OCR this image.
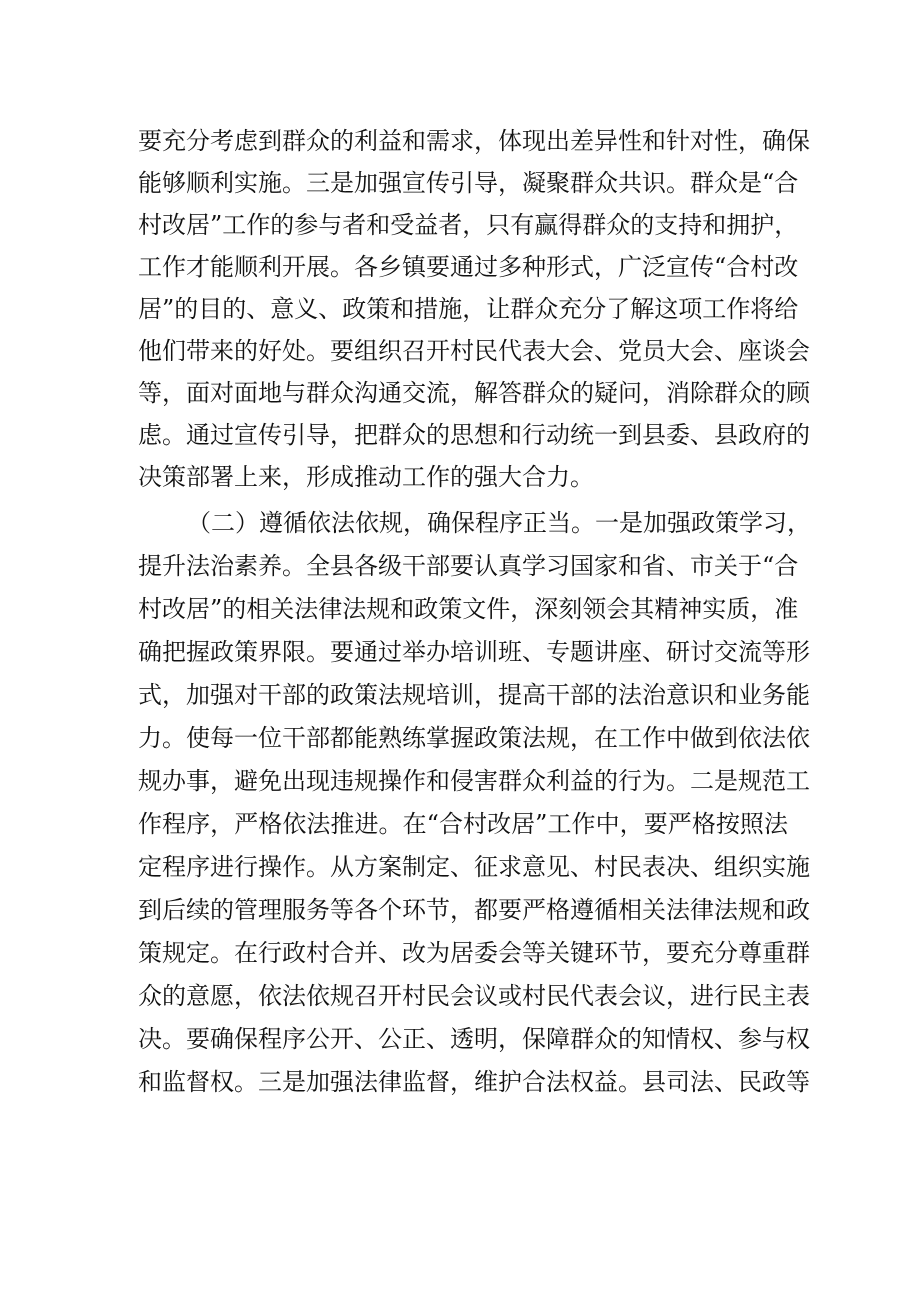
要充分考虑到群众的利益和需求，体现出差异性和针对性，确保
能够顺利实施。三是加强宣传引导，凝聚群众共识。群众是“合
村改居”工作的参与者和受益者，只有赢得群众的支持和拥护，
工作才能顺利开展。各乡镇要通过多种形式，广泛宣传“合村改
居”的目的、意义、政策和措施，让群众充分了解这项工作将给
他们带来的好处。要组织召开村民代表大会、党员大会、座谈会
等，面对面地与群众沟通交流，解答群众的疑问，消除群众的顾
虑。通过宣传引导，把群众的思想和行动统一到县委、县政府的
决策部署上来，形成推动工作的强大合力。
（二）遵循依法依规，确保程序正当。一是加强政策学习，
提升法治素养。全县各级干部要认真学习国家和省、市关于“合
村改居”的相关法律法规和政策文件，深刻领会其精神实质，准
确把握政策界限。要通过举办培训班、专题讲座、研讨交流等形
式，加强对干部的政策法规培训，提高干部的法治意识和业务能
力。使每一位干部都能熟练掌握政策法规，在工作中做到依法依
规办事，避免出现违规操作和侵害群众利益的行为。二是规范工
作程序，严格依法推进。在“合村改居”工作中，要严格按照法
定程序进行操作。从方案制定、征求意见、村民表决、组织实施
到后续的管理服务等各个环节，都要严格遵循相关法律法规和政
策规定。在行政村合并、改为居委会等关键环节，要充分尊重群
众的意愿，依法依规召开村民会议或村民代表会议，进行民主表
决。要确保程序公开、公正、透明，保障群众的知情权、参与权
和监督权。三是加强法律监督，维护合法权益。县司法、民政等
